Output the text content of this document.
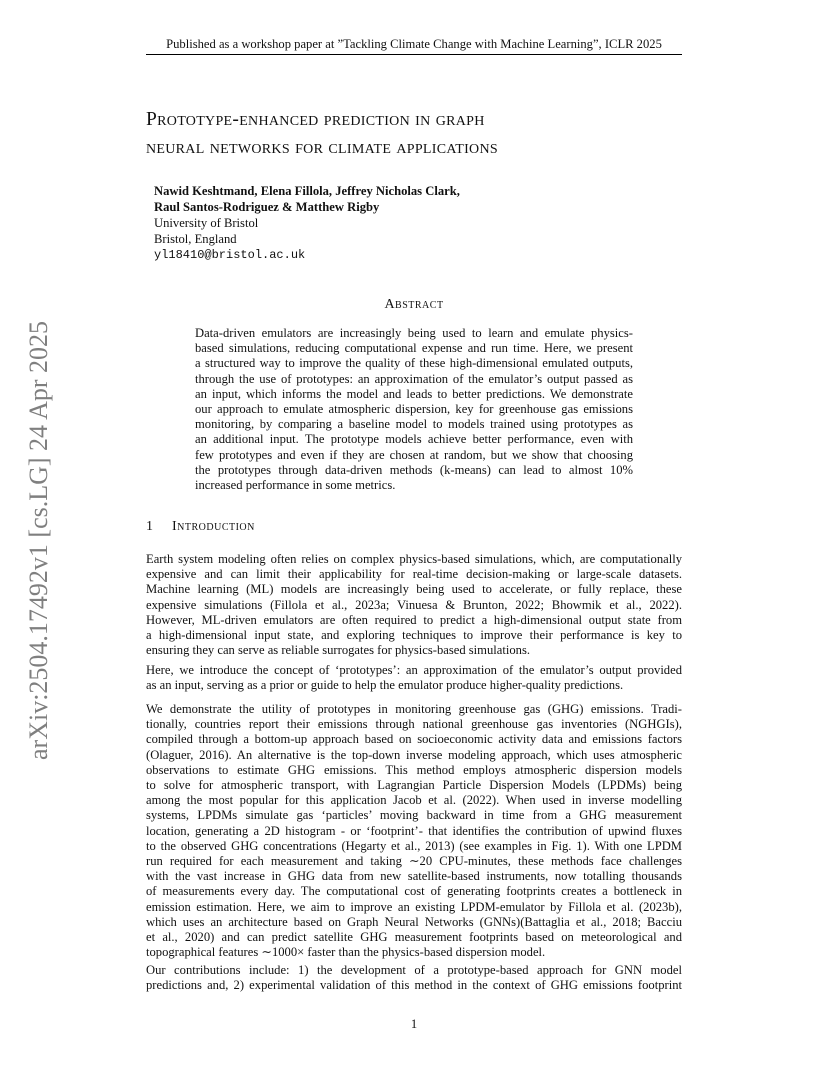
Published as a workshop paper at ”Tackling Climate Change with Machine Learning”, ICLR 2025
arXiv:2504.17492v1 [cs.LG] 24 Apr 2025
Prototype-enhanced prediction in graph
neural networks for climate applications
Nawid Keshtmand, Elena Fillola, Jeffrey Nicholas Clark,
Raul Santos-Rodriguez & Matthew Rigby
University of Bristol
Bristol, England
yl18410@bristol.ac.uk
Abstract

Data-driven emulators are increasingly being used to learn and emulate physics-
based simulations, reducing computational expense and run time. Here, we present
a structured way to improve the quality of these high-dimensional emulated outputs,
through the use of prototypes: an approximation of the emulator’s output passed as
an input, which informs the model and leads to better predictions. We demonstrate
our approach to emulate atmospheric dispersion, key for greenhouse gas emissions
monitoring, by comparing a baseline model to models trained using prototypes as
an additional input. The prototype models achieve better performance, even with
few prototypes and even if they are chosen at random, but we show that choosing
the prototypes through data-driven methods (k-means) can lead to almost 10%
increased performance in some metrics.

1 Introduction

Earth system modeling often relies on complex physics-based simulations, which, are computationally
expensive and can limit their applicability for real-time decision-making or large-scale datasets.
Machine learning (ML) models are increasingly being used to accelerate, or fully replace, these
expensive simulations (Fillola et al., 2023a; Vinuesa & Brunton, 2022; Bhowmik et al., 2022).
However, ML-driven emulators are often required to predict a high-dimensional output state from
a high-dimensional input state, and exploring techniques to improve their performance is key to
ensuring they can serve as reliable surrogates for physics-based simulations.

Here, we introduce the concept of ‘prototypes’: an approximation of the emulator’s output provided
as an input, serving as a prior or guide to help the emulator produce higher-quality predictions.

We demonstrate the utility of prototypes in monitoring greenhouse gas (GHG) emissions. Tradi-
tionally, countries report their emissions through national greenhouse gas inventories (NGHGIs),
compiled through a bottom-up approach based on socioeconomic activity data and emissions factors
(Olaguer, 2016). An alternative is the top-down inverse modeling approach, which uses atmospheric
observations to estimate GHG emissions. This method employs atmospheric dispersion models
to solve for atmospheric transport, with Lagrangian Particle Dispersion Models (LPDMs) being
among the most popular for this application Jacob et al. (2022). When used in inverse modelling
systems, LPDMs simulate gas ‘particles’ moving backward in time from a GHG measurement
location, generating a 2D histogram - or ‘footprint’- that identifies the contribution of upwind fluxes
to the observed GHG concentrations (Hegarty et al., 2013) (see examples in Fig. 1). With one LPDM
run required for each measurement and taking ∼20 CPU-minutes, these methods face challenges
with the vast increase in GHG data from new satellite-based instruments, now totalling thousands
of measurements every day. The computational cost of generating footprints creates a bottleneck in
emission estimation. Here, we aim to improve an existing LPDM-emulator by Fillola et al. (2023b),
which uses an architecture based on Graph Neural Networks (GNNs)(Battaglia et al., 2018; Bacciu
et al., 2020) and can predict satellite GHG measurement footprints based on meteorological and
topographical features ∼1000× faster than the physics-based dispersion model.

Our contributions include: 1) the development of a prototype-based approach for GNN model
predictions and, 2) experimental validation of this method in the context of GHG emissions footprint

1
